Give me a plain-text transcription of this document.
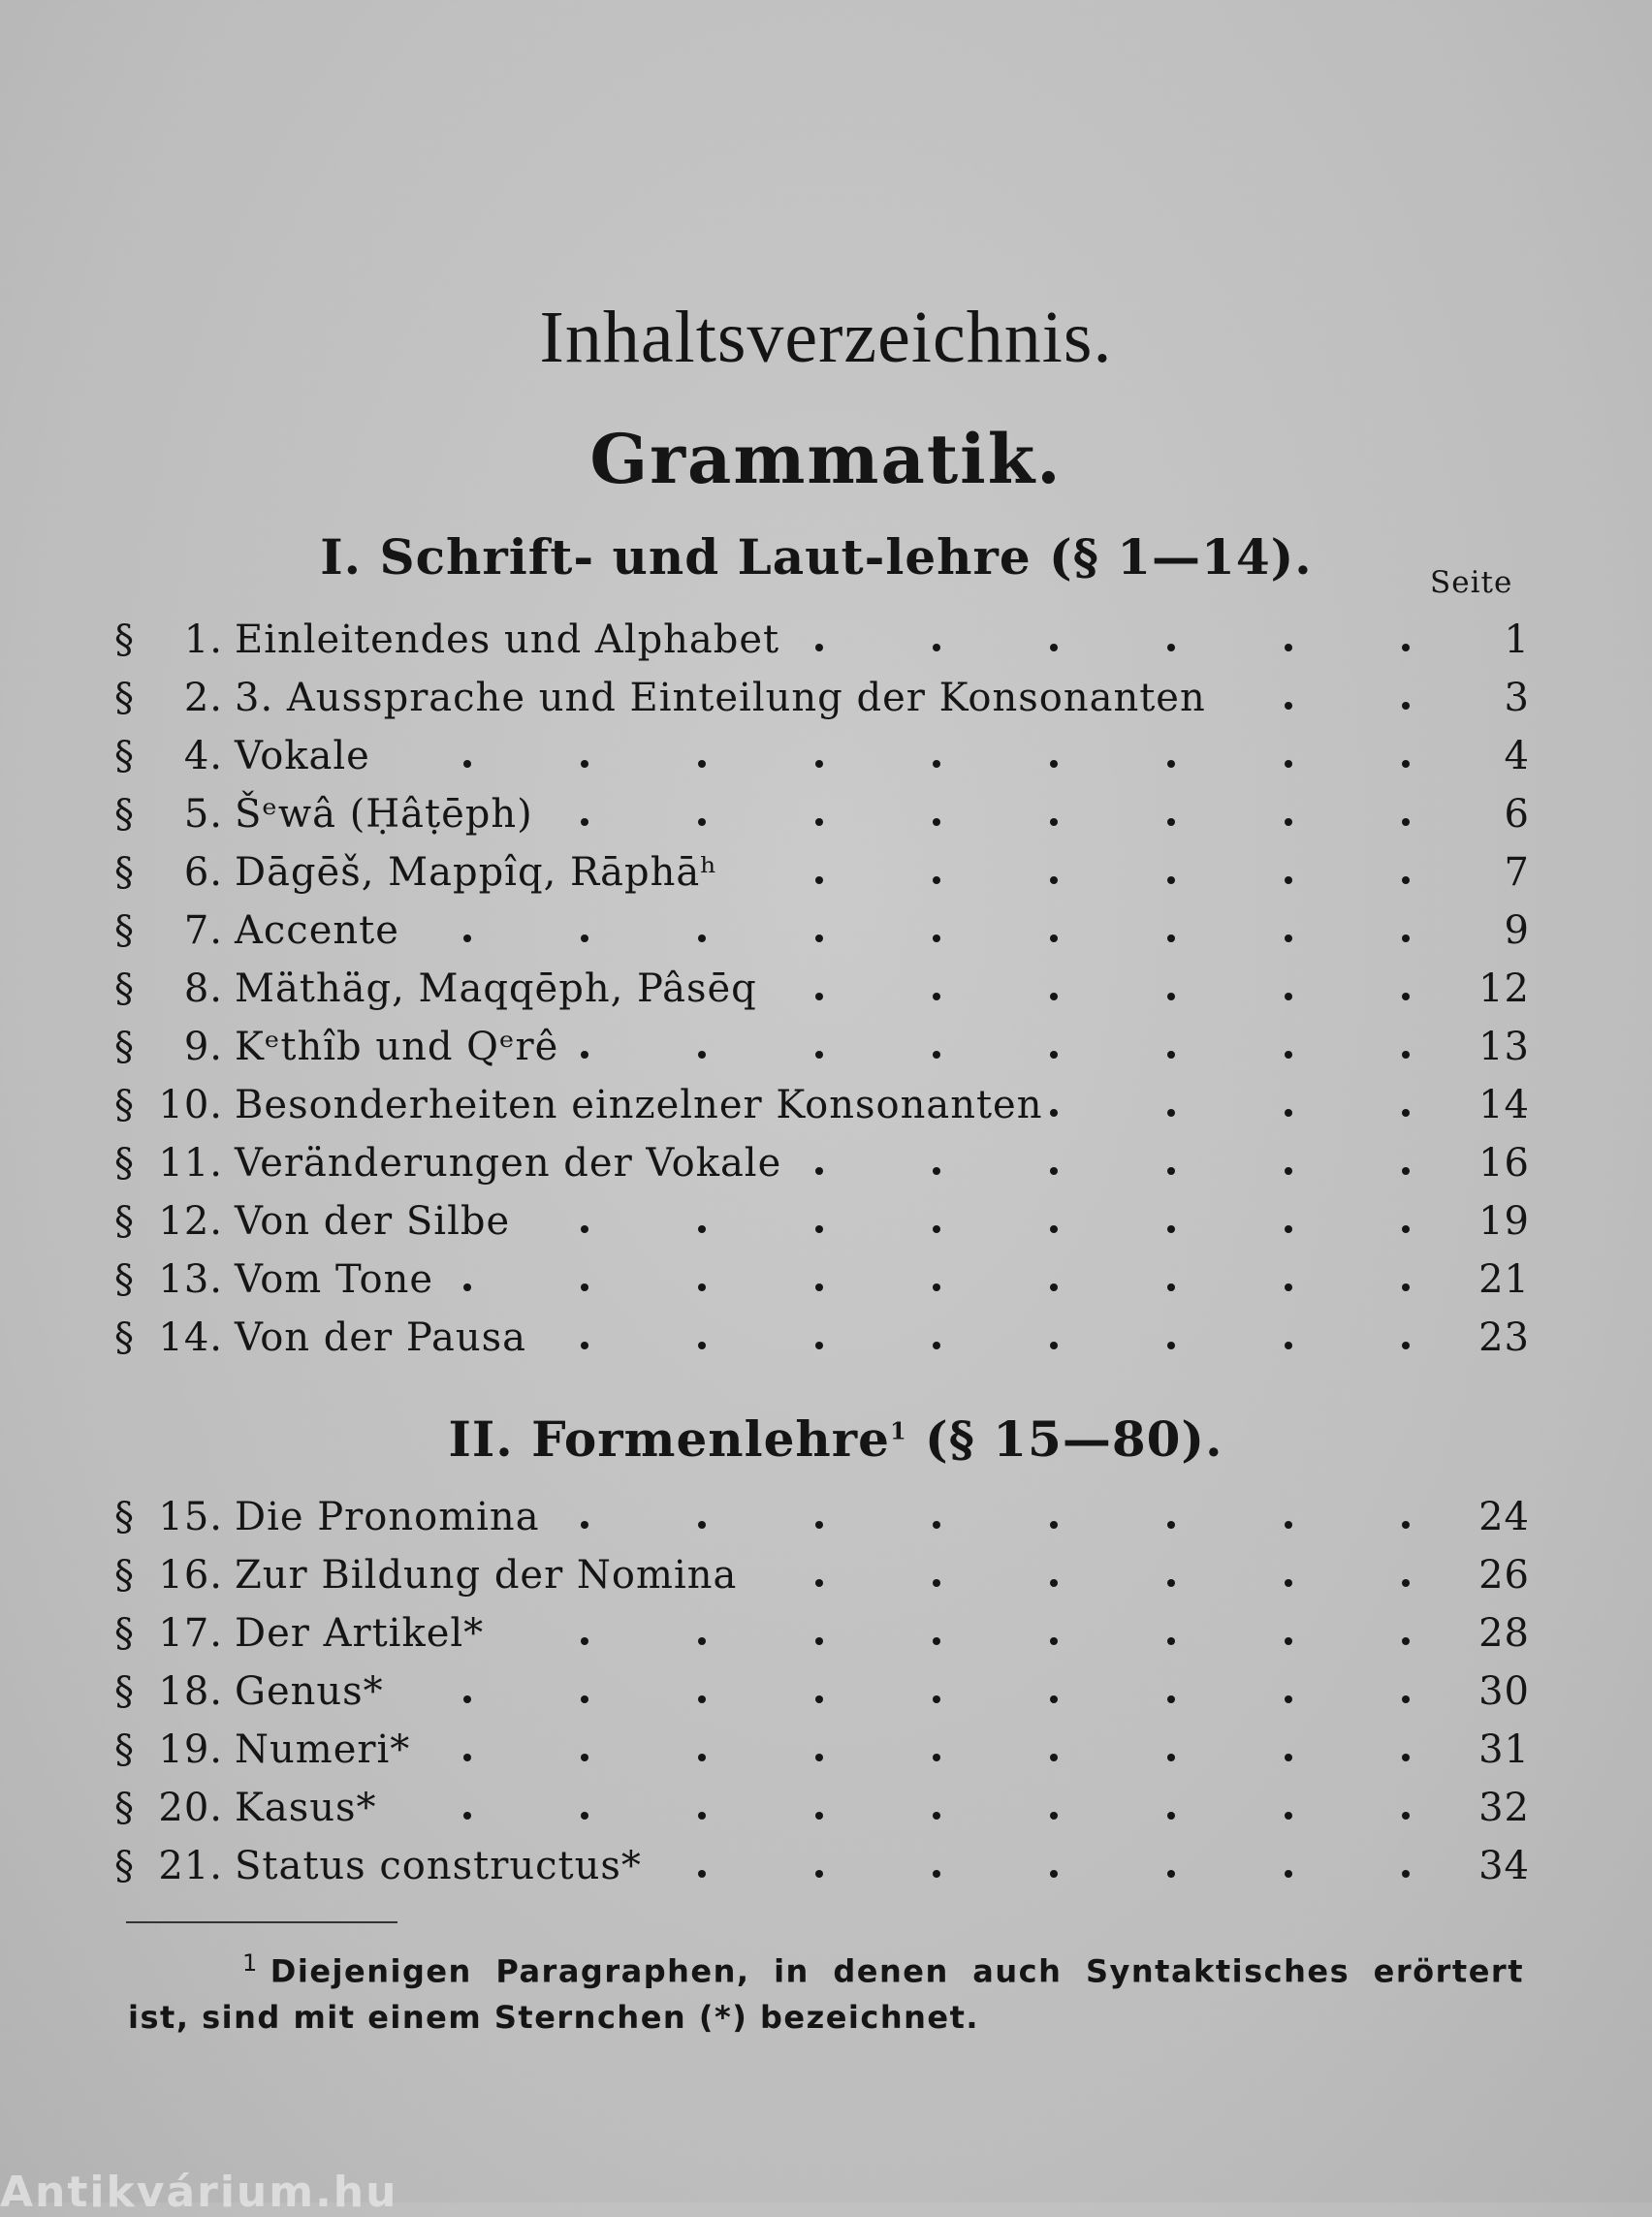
Inhaltsverzeichnis.
Grammatik.
I. Schrift- und Laut-lehre (§ 1—14).	Seite
§	1. Einleitendes und Alphabet	1
§	2. 3. Aussprache und Einteilung der Konsonanten	3
§	4. Vokale	4
§	5. Šᵉwâ (Ḥâṭēph)	6
§	6. Dāgēš, Mappîq, Rāphāʰ	7
§	7. Accente	9
§	8. Mäthäg, Maqqēph, Pâsēq	12
§	9. Kᵉthîb und Qᵉrê	13
§ 10. Besonderheiten einzelner Konsonanten	14
§ 11. Veränderungen der Vokale	16
§ 12. Von der Silbe	19
§ 13. Vom Tone	21
§ 14. Von der Pausa	23
II. Formenlehre$^1$ (§ 15—80).
§ 15. Die Pronomina	24
§ 16. Zur Bildung der Nomina	26
§ 17. Der Artikel*	28
§ 18. Genus*	30
§ 19. Numeri*	31
§ 20. Kasus*	32
§ 21. Status constructus*	34
$^1$ Diejenigen Paragraphen, in denen auch Syntaktisches erörtert ist, sind mit einem Sternchen (*) bezeichnet.
Antikvárium.hu
